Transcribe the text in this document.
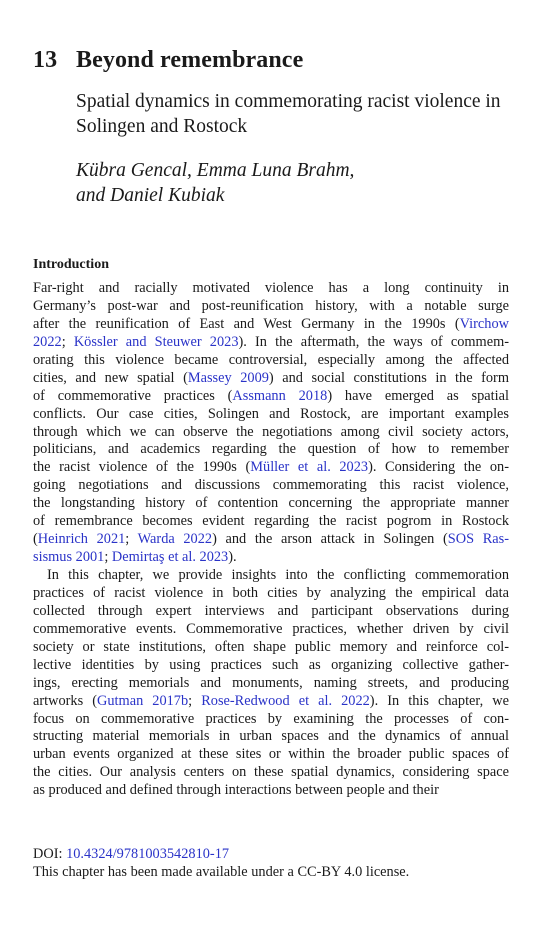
13 Beyond remembrance
Spatial dynamics in commemorating racist violence in Solingen and Rostock
Kübra Gencal, Emma Luna Brahm,
and Daniel Kubiak
Introduction
Far-right and racially motivated violence has a long continuity in
Germany’s post-war and post-reunification history, with a notable surge
after the reunification of East and West Germany in the 1990s (Virchow
2022; Kössler and Steuwer 2023). In the aftermath, the ways of commem-
orating this violence became controversial, especially among the affected
cities, and new spatial (Massey 2009) and social constitutions in the form
of commemorative practices (Assmann 2018) have emerged as spatial
conflicts. Our case cities, Solingen and Rostock, are important examples
through which we can observe the negotiations among civil society actors,
politicians, and academics regarding the question of how to remember
the racist violence of the 1990s (Müller et al. 2023). Considering the on-
going negotiations and discussions commemorating this racist violence,
the longstanding history of contention concerning the appropriate manner
of remembrance becomes evident regarding the racist pogrom in Rostock
(Heinrich 2021; Warda 2022) and the arson attack in Solingen (SOS Ras-
sismus 2001; Demirtaş et al. 2023).
In this chapter, we provide insights into the conflicting commemoration
practices of racist violence in both cities by analyzing the empirical data
collected through expert interviews and participant observations during
commemorative events. Commemorative practices, whether driven by civil
society or state institutions, often shape public memory and reinforce col-
lective identities by using practices such as organizing collective gather-
ings, erecting memorials and monuments, naming streets, and producing
artworks (Gutman 2017b; Rose-Redwood et al. 2022). In this chapter, we
focus on commemorative practices by examining the processes of con-
structing material memorials in urban spaces and the dynamics of annual
urban events organized at these sites or within the broader public spaces of
the cities. Our analysis centers on these spatial dynamics, considering space
as produced and defined through interactions between people and their
DOI: 10.4324/9781003542810-17
This chapter has been made available under a CC-BY 4.0 license.
